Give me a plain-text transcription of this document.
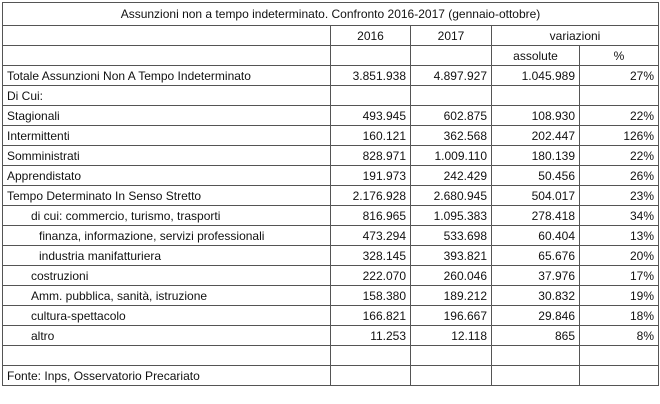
Assunzioni non a tempo indeterminato. Confronto 2016-2017 (gennaio-ottobre)				
	2016	2017	variazioni	
			assolute	%
Totale Assunzioni Non A Tempo Indeterminato	3.851.938	4.897.927	1.045.989	27%
Di Cui:				
Stagionali	493.945	602.875	108.930	22%
Intermittenti	160.121	362.568	202.447	126%
Somministrati	828.971	1.009.110	180.139	22%
Apprendistato	191.973	242.429	50.456	26%
Tempo Determinato In Senso Stretto	2.176.928	2.680.945	504.017	23%
di cui: commercio, turismo, trasporti	816.965	1.095.383	278.418	34%
finanza, informazione, servizi professionali	473.294	533.698	60.404	13%
industria manifatturiera	328.145	393.821	65.676	20%
costruzioni	222.070	260.046	37.976	17%
Amm. pubblica, sanità, istruzione	158.380	189.212	30.832	19%
cultura-spettacolo	166.821	196.667	29.846	18%
altro	11.253	12.118	865	8%

Fonte: Inps, Osservatorio Precariato				
